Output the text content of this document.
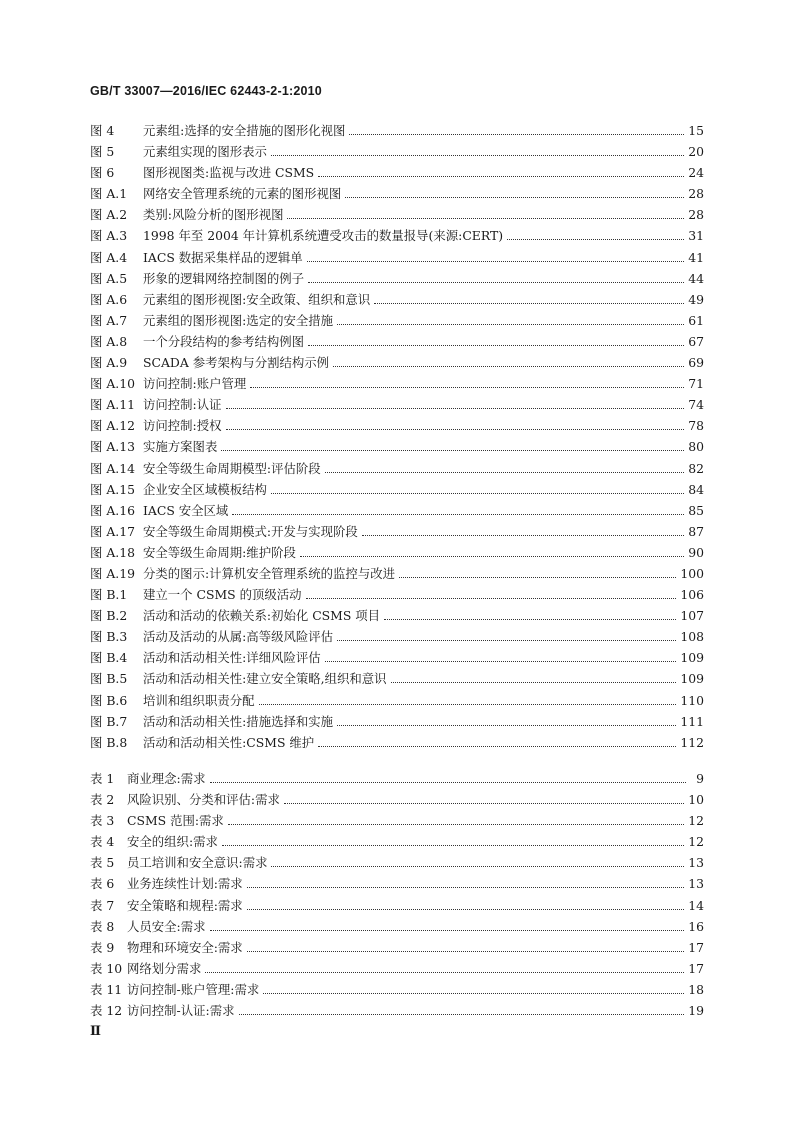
GB/T 33007—2016/IEC 62443-2-1:2010
图 4	元素组:选择的安全措施的图形化视图	15
图 5	元素组实现的图形表示	20
图 6	图形视图类:监视与改进 CSMS	24
图 A.1	网络安全管理系统的元素的图形视图	28
图 A.2	类别:风险分析的图形视图	28
图 A.3	1998 年至 2004 年计算机系统遭受攻击的数量报导(来源:CERT)	31
图 A.4	IACS 数据采集样品的逻辑单	41
图 A.5	形象的逻辑网络控制图的例子	44
图 A.6	元素组的图形视图:安全政策、组织和意识	49
图 A.7	元素组的图形视图:选定的安全措施	61
图 A.8	一个分段结构的参考结构例图	67
图 A.9	SCADA 参考架构与分割结构示例	69
图 A.10 访问控制:账户管理	71
图 A.11 访问控制:认证	74
图 A.12 访问控制:授权	78
图 A.13 实施方案图表	80
图 A.14 安全等级生命周期模型:评估阶段	82
图 A.15 企业安全区域模板结构	84
图 A.16 IACS 安全区域	85
图 A.17 安全等级生命周期模式:开发与实现阶段	87
图 A.18 安全等级生命周期:维护阶段	90
图 A.19 分类的图示:计算机安全管理系统的监控与改进	100
图 B.1	建立一个 CSMS 的顶级活动	106
图 B.2	活动和活动的依赖关系:初始化 CSMS 项目	107
图 B.3	活动及活动的从属:高等级风险评估	108
图 B.4	活动和活动相关性:详细风险评估	109
图 B.5	活动和活动相关性:建立安全策略,组织和意识	109
图 B.6	培训和组织职责分配	110
图 B.7	活动和活动相关性:措施选择和实施	111
图 B.8	活动和活动相关性:CSMS 维护	112
表 1	商业理念:需求	9
表 2	风险识别、分类和评估:需求	10
表 3	CSMS 范围:需求	12
表 4	安全的组织:需求	12
表 5	员工培训和安全意识:需求	13
表 6	业务连续性计划:需求	13
表 7	安全策略和规程:需求	14
表 8	人员安全:需求	16
表 9	物理和环境安全:需求	17
表 10 网络划分需求	17
表 11 访问控制-账户管理:需求	18
表 12 访问控制-认证:需求	19
Ⅱ
